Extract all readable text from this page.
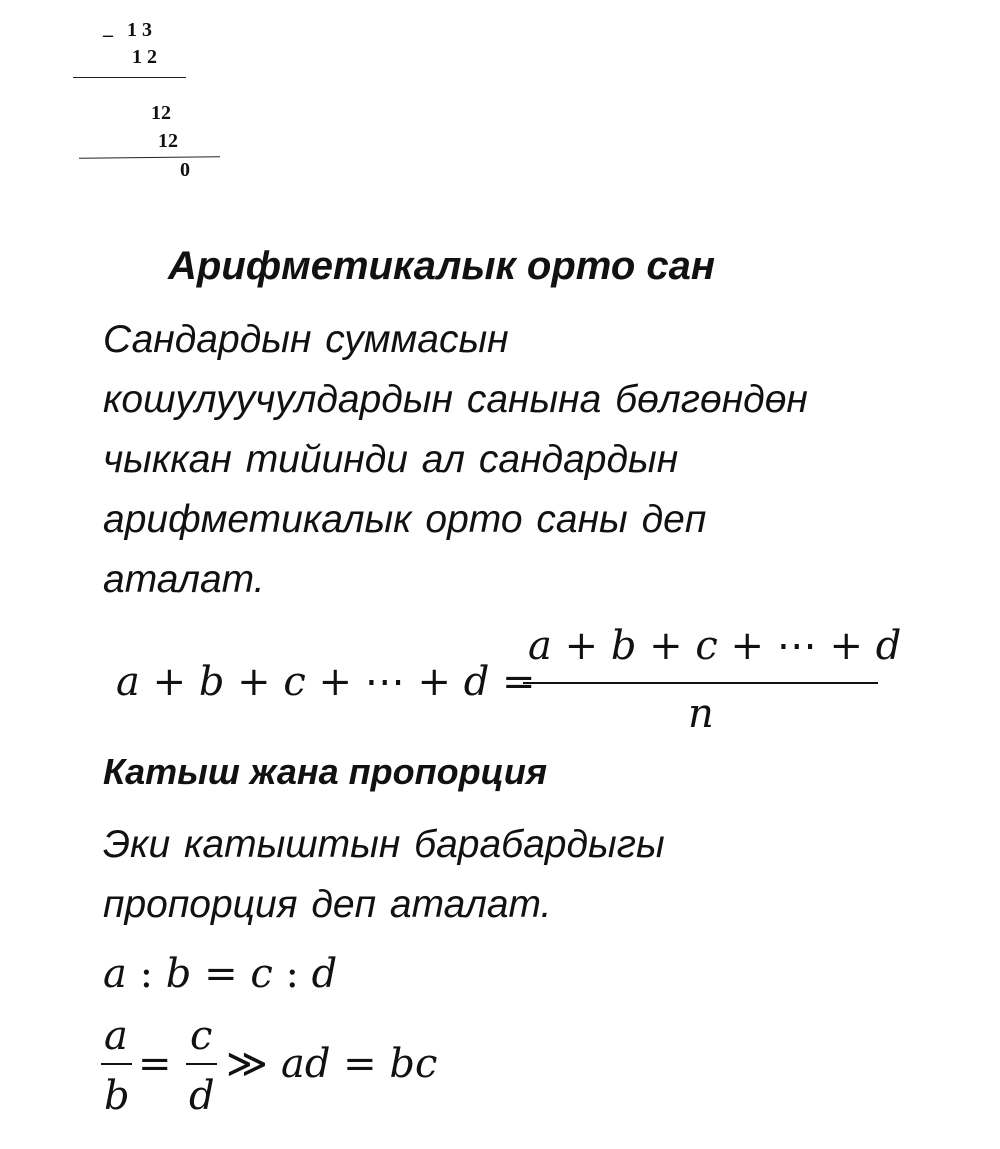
_ 1 3
1 2
12
12
0
Арифметикалык орто сан
Сандардын суммасын
кошулуучулдардын санына бөлгөндөн
чыккан тийинди ал сандардын
арифметикалык орто саны деп
аталат.
a + b + c + ⋯ + d =
a + b + c + ⋯ + d
n
Катыш жана пропорция
Эки катыштын барабардыгы
пропорция деп аталат.
a : b = c : d
a
b
=
c
d
≫ ad = bc
